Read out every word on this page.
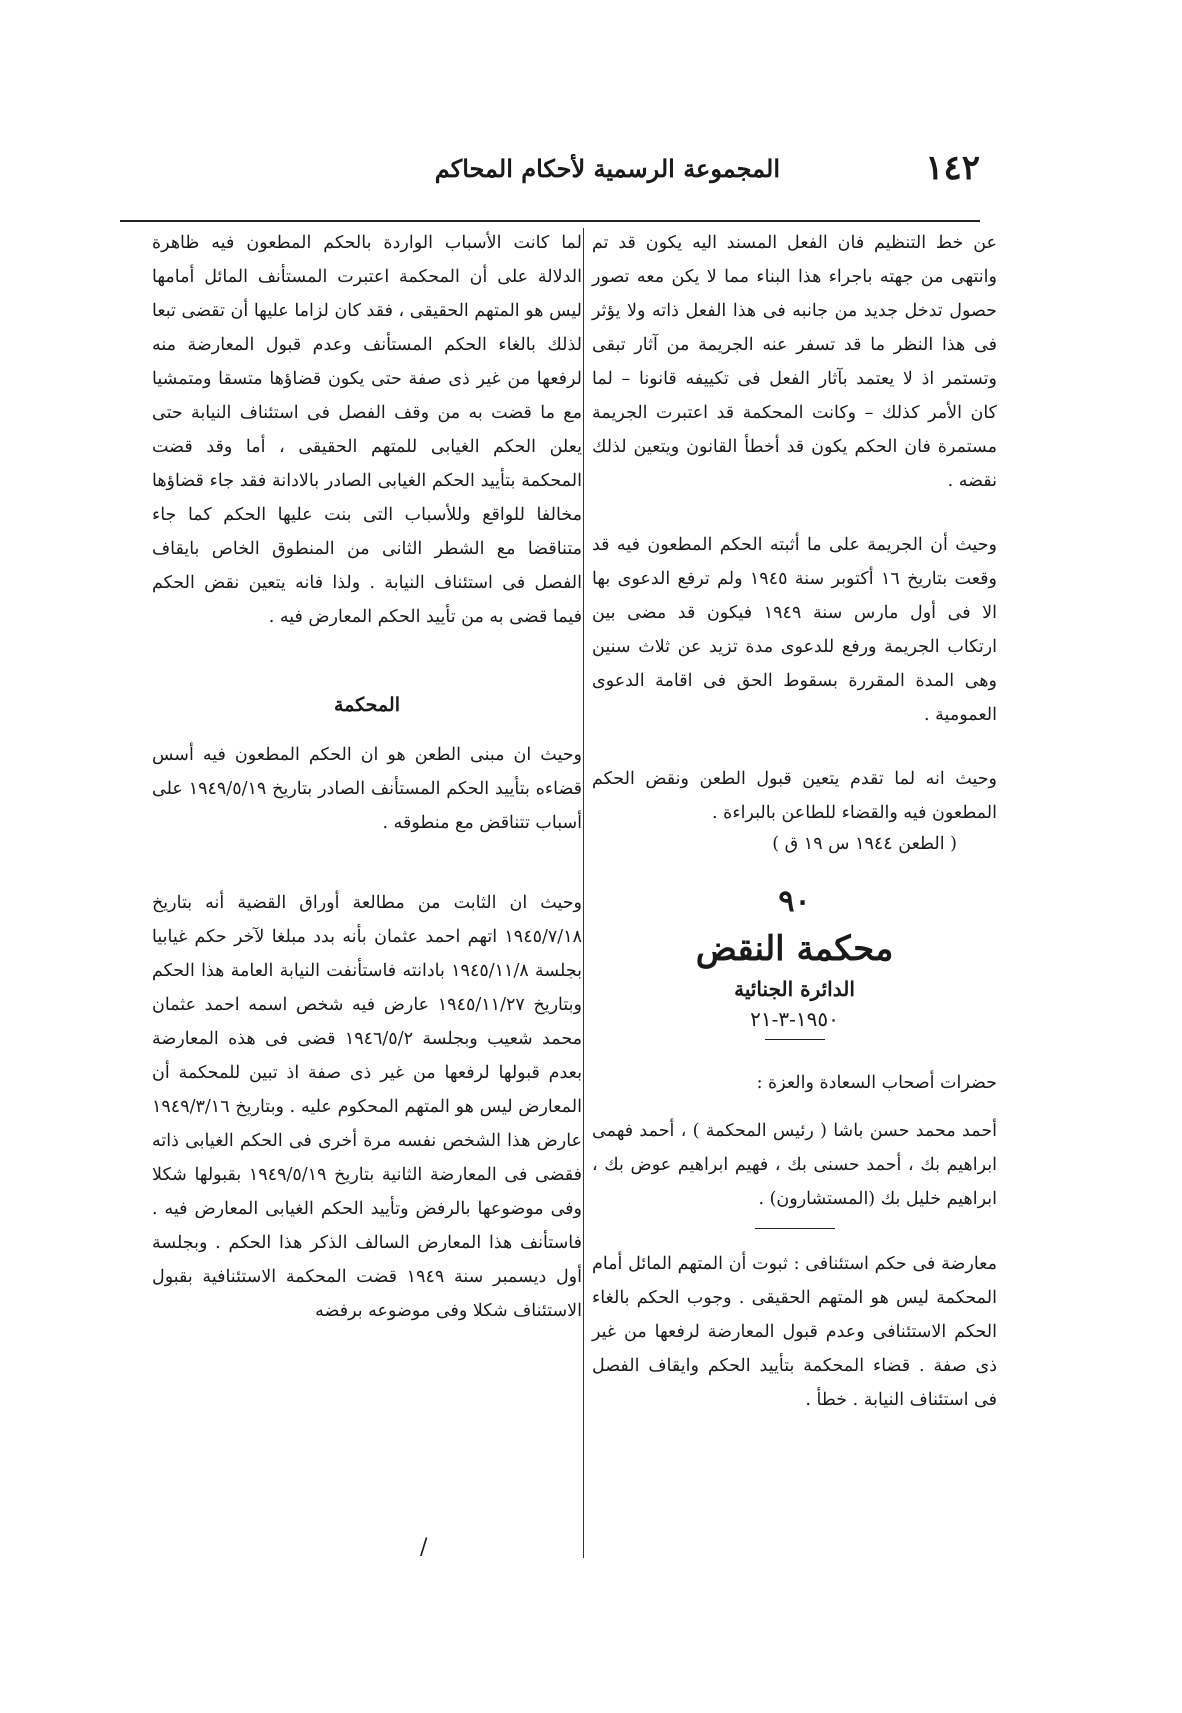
١٤٢
المجموعة الرسمية لأحكام المحاكم

عن خط التنظيم فان الفعل المسند اليه يكون قد تم وانتهى من جهته باجراء هذا البناء مما لا يكن معه تصور حصول تدخل جديد من جانبه فى هذا الفعل ذاته ولا يؤثر فى هذا النظر ما قد تسفر عنه الجريمة من آثار تبقى وتستمر اذ لا يعتمد بآثار الفعل فى تكييفه قانونا – لما كان الأمر كذلك – وكانت المحكمة قد اعتبرت الجريمة مستمرة فان الحكم يكون قد أخطأ القانون ويتعين لذلك نقضه .

وحيث أن الجريمة على ما أثبته الحكم المطعون فيه قد وقعت بتاريخ ١٦ أكتوبر سنة ١٩٤٥ ولم ترفع الدعوى بها الا فى أول مارس سنة ١٩٤٩ فيكون قد مضى بين ارتكاب الجريمة ورفع للدعوى مدة تزيد عن ثلاث سنين وهى المدة المقررة بسقوط الحق فى اقامة الدعوى العمومية .

وحيث انه لما تقدم يتعين قبول الطعن ونقض الحكم المطعون فيه والقضاء للطاعن بالبراءة .

( الطعن ١٩٤٤ س ١٩ ق )

٩٠
محكمة النقض
الدائرة الجنائية
١٩٥٠-٣-٢١

حضرات أصحاب السعادة والعزة :

أحمد محمد حسن باشا ( رئيس المحكمة ) ، أحمد فهمى ابراهيم بك ، أحمد حسنى بك ، فهيم ابراهيم عوض بك ، ابراهيم خليل بك (المستشارون) .

معارضة فى حكم استئنافى : ثبوت أن المتهم المائل أمام المحكمة ليس هو المتهم الحقيقى . وجوب الحكم بالغاء الحكم الاستئنافى وعدم قبول المعارضة لرفعها من غير ذى صفة . قضاء المحكمة بتأييد الحكم وايقاف الفصل فى استئناف النيابة . خطأ .

لما كانت الأسباب الواردة بالحكم المطعون فيه ظاهرة الدلالة على أن المحكمة اعتبرت المستأنف المائل أمامها ليس هو المتهم الحقيقى ، فقد كان لزاما عليها أن تقضى تبعا لذلك بالغاء الحكم المستأنف وعدم قبول المعارضة منه لرفعها من غير ذى صفة حتى يكون قضاؤها متسقا ومتمشيا مع ما قضت به من وقف الفصل فى استئناف النيابة حتى يعلن الحكم الغيابى للمتهم الحقيقى ، أما وقد قضت المحكمة بتأييد الحكم الغيابى الصادر بالادانة فقد جاء قضاؤها مخالفا للواقع وللأسباب التى بنت عليها الحكم كما جاء متناقضا مع الشطر الثانى من المنطوق الخاص بايقاف الفصل فى استئناف النيابة . ولذا فانه يتعين نقض الحكم فيما قضى به من تأييد الحكم المعارض فيه .

المحكمة

وحيث ان مبنى الطعن هو ان الحكم المطعون فيه أسس قضاءه بتأييد الحكم المستأنف الصادر بتاريخ ١٩٤٩/٥/١٩ على أسباب تتناقض مع منطوقه .

وحيث ان الثابت من مطالعة أوراق القضية أنه بتاريخ ١٩٤٥/٧/١٨ اتهم احمد عثمان بأنه بدد مبلغا لآخر حكم غيابيا بجلسة ١٩٤٥/١١/٨ بادانته فاستأنفت النيابة العامة هذا الحكم وبتاريخ ١٩٤٥/١١/٢٧ عارض فيه شخص اسمه احمد عثمان محمد شعيب وبجلسة ١٩٤٦/٥/٢ قضى فى هذه المعارضة بعدم قبولها لرفعها من غير ذى صفة اذ تبين للمحكمة أن المعارض ليس هو المتهم المحكوم عليه . وبتاريخ ١٩٤٩/٣/١٦ عارض هذا الشخص نفسه مرة أخرى فى الحكم الغيابى ذاته فقضى فى المعارضة الثانية بتاريخ ١٩٤٩/٥/١٩ بقبولها شكلا وفى موضوعها بالرفض وتأييد الحكم الغيابى المعارض فيه . فاستأنف هذا المعارض السالف الذكر هذا الحكم . وبجلسة أول ديسمبر سنة ١٩٤٩ قضت المحكمة الاستئنافية بقبول الاستئناف شكلا وفى موضوعه برفضه

/
